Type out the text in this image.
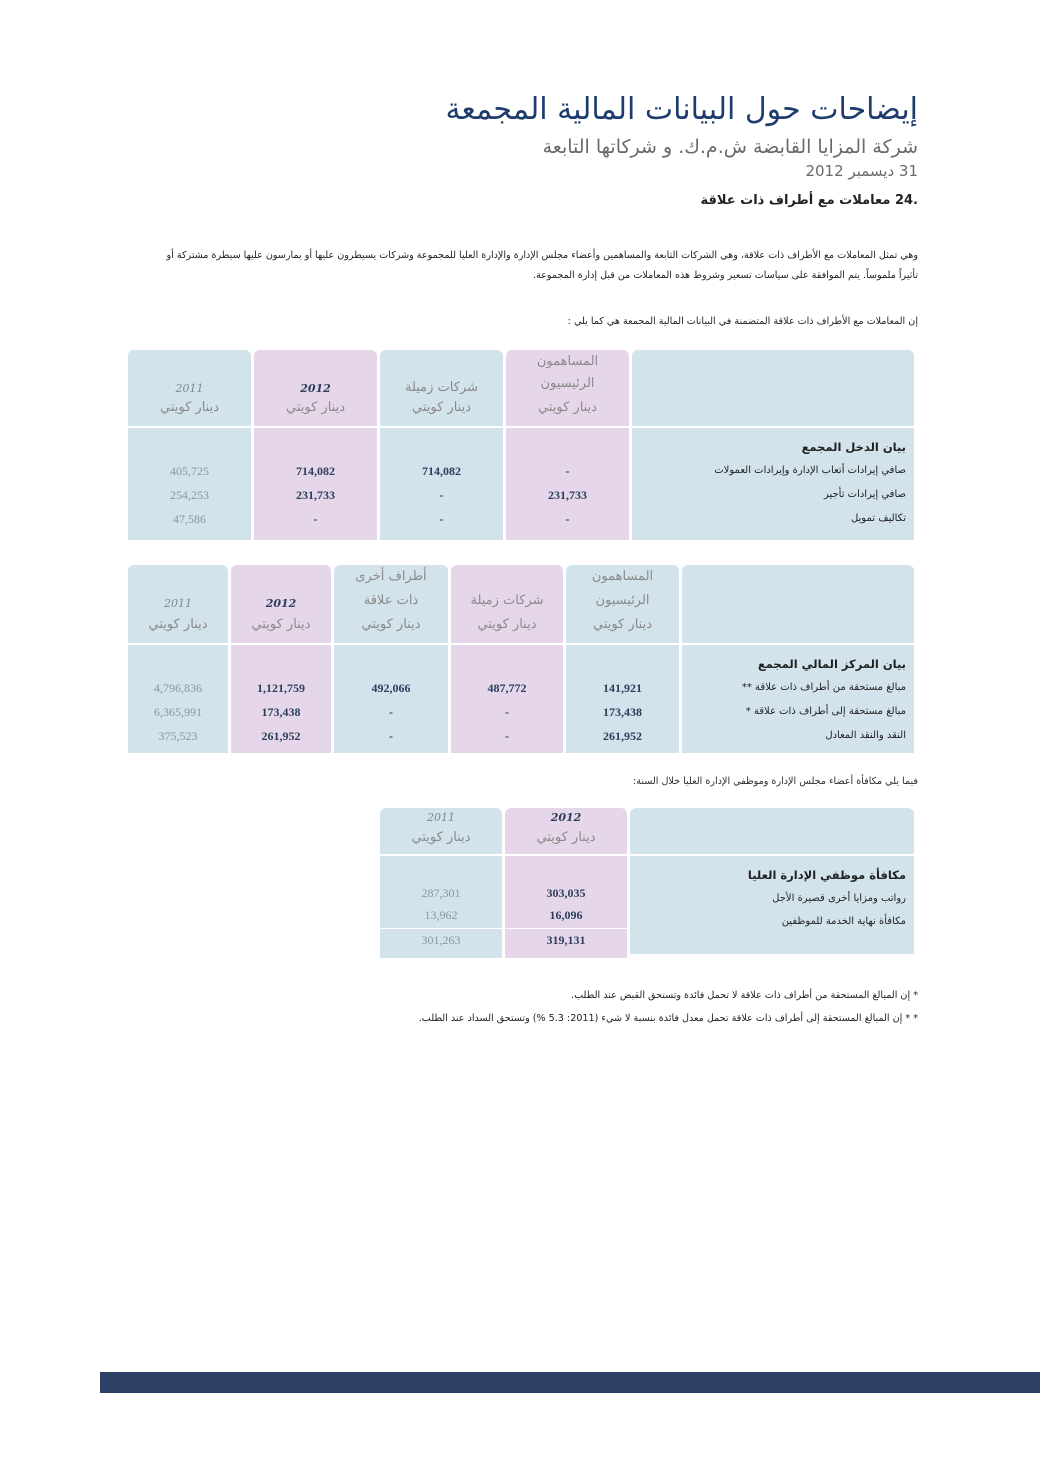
إيضاحات حول البيانات المالية المجمعة
شركة المزايا القابضة ش.م.ك. و شركاتها التابعة
31 ديسمبر 2012
.24 معاملات مع أطراف ذات علاقة
وهي تمثل المعاملات مع الأطراف ذات علاقة، وهي الشركات التابعة والمساهمين وأعضاء مجلس الإدارة والإدارة العليا للمجموعة وشركات يسيطرون عليها أو يمارسون عليها سيطرة مشتركة أو تأثيراً ملموساً. يتم الموافقة على سياسات تسعير وشروط هذه المعاملات من قبل إدارة المجموعة.
إن المعاملات مع الأطراف ذات علاقة المتضمنة في البيانات المالية المجمعة هي كما يلي :
2011
دينار كويتي
2012
دينار كويتي
شركات زميلة
دينار كويتي
المساهمون
الرئيسيون
دينار كويتي
405,725
254,253
47,586
714,082
231,733
-
714,082
-
-
-
231,733
-
بيان الدخل المجمع
صافي إيرادات أتعاب الإدارة وإيرادات العمولات
صافي إيرادات تأجير
تكاليف تمويل
2011
دينار كويتي
2012
دينار كويتي
أطراف أخرى
ذات علاقة
دينار كويتي
شركات زميلة
دينار كويتي
المساهمون
الرئيسيون
دينار كويتي
4,796,836
6,365,991
375,523
1,121,759
173,438
261,952
492,066
-
-
487,772
-
-
141,921
173,438
261,952
بيان المركز المالي المجمع
مبالغ مستحقة من أطراف ذات علاقة **
مبالغ مستحقة إلى أطراف ذات علاقة *
النقد والنقد المعادل
فيما يلي مكافأة أعضاء مجلس الإدارة وموظفي الإدارة العليا خلال السنة:
2011
دينار كويتي
2012
دينار كويتي
287,301
13,962
301,263
303,035
16,096
319,131
مكافأة موظفي الإدارة العليا
رواتب ومزايا أخرى قصيرة الأجل
مكافأة نهاية الخدمة للموظفين
* إن المبالغ المستحقة من أطراف ذات علاقة لا تحمل فائدة وتستحق القبض عند الطلب.
* * إن المبالغ المستحقة إلى أطراف ذات علاقة تحمل معدل فائدة بنسبة لا شيء (2011: 5.3 %) وتستحق السداد عند الطلب.
